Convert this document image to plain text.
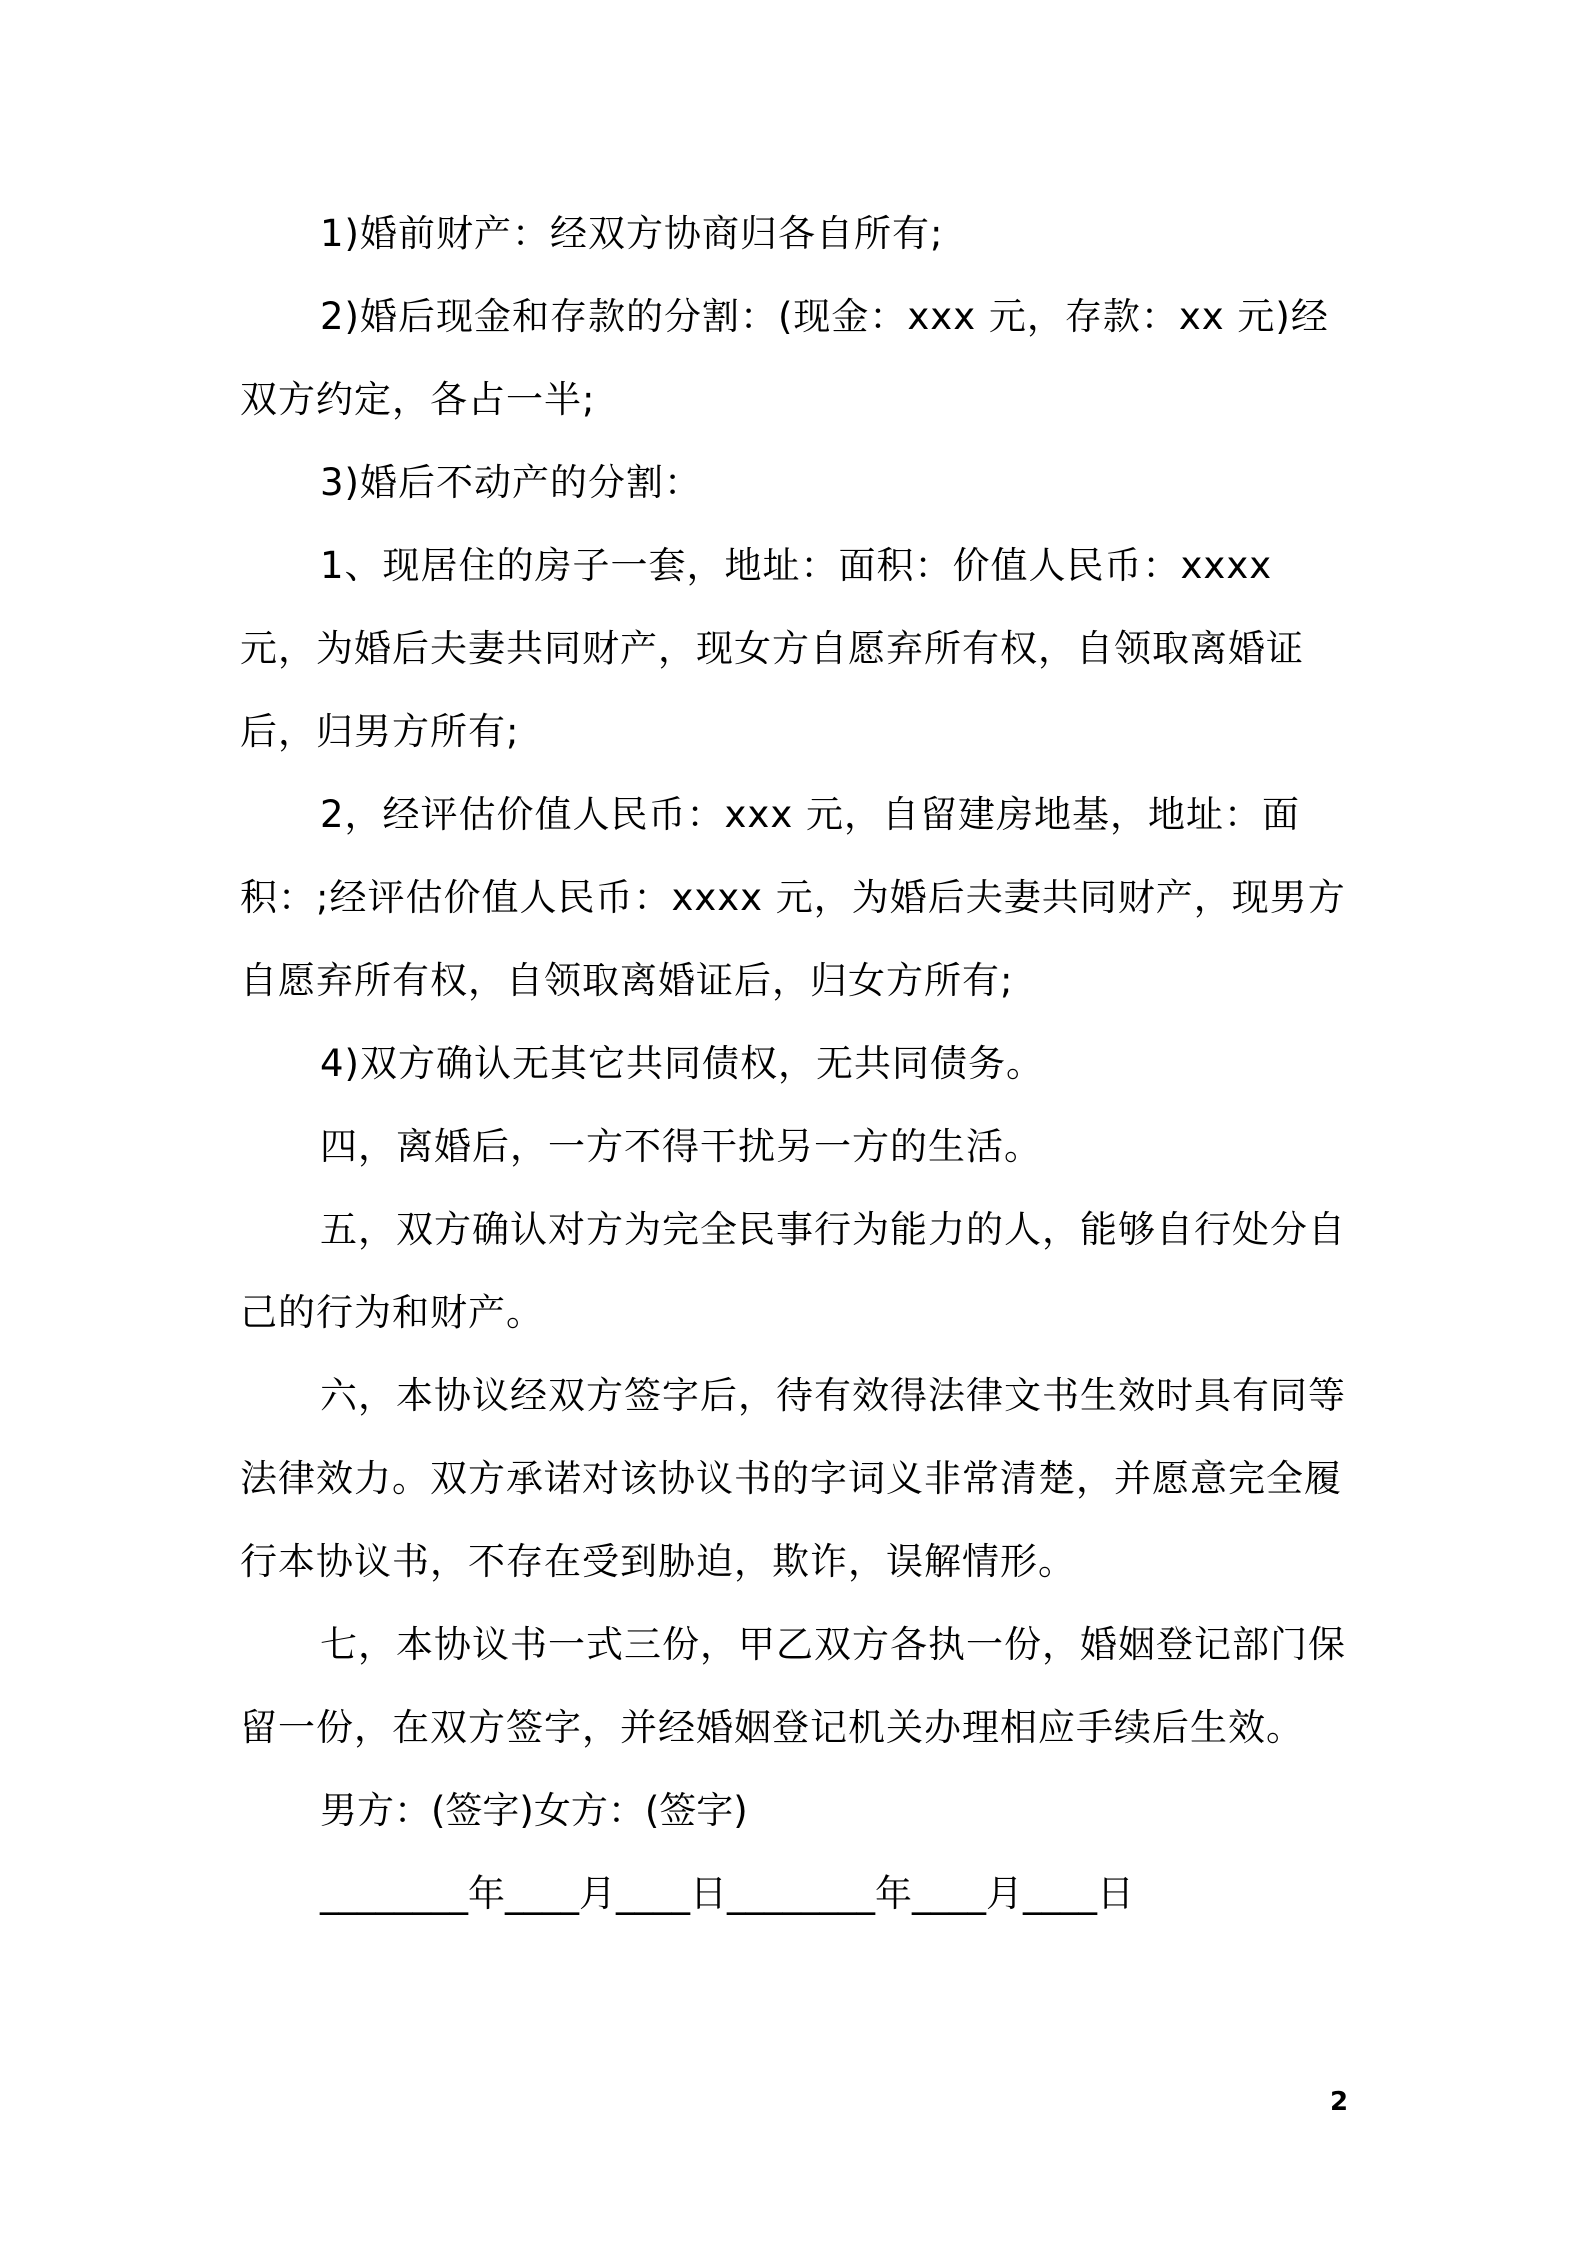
1)婚前财产：经双方协商归各自所有;

2)婚后现金和存款的分割：(现金：xxx 元，存款：xx 元)经双方约定，各占一半;

3)婚后不动产的分割：

1、现居住的房子一套，地址：面积：价值人民币：xxxx 元，为婚后夫妻共同财产，现女方自愿弃所有权，自领取离婚证后，归男方所有;

2，经评估价值人民币：xxx 元，自留建房地基，地址：面积：;经评估价值人民币：xxxx 元，为婚后夫妻共同财产，现男方自愿弃所有权，自领取离婚证后，归女方所有;

4)双方确认无其它共同债权，无共同债务。

四，离婚后，一方不得干扰另一方的生活。

五，双方确认对方为完全民事行为能力的人，能够自行处分自己的行为和财产。

六，本协议经双方签字后，待有效得法律文书生效时具有同等法律效力。双方承诺对该协议书的字词义非常清楚，并愿意完全履行本协议书，不存在受到胁迫，欺诈，误解情形。

七，本协议书一式三份，甲乙双方各执一份，婚姻登记部门保留一份，在双方签字，并经婚姻登记机关办理相应手续后生效。

男方：(签字)女方：(签字)

________年____月____日________年____月____日

2
